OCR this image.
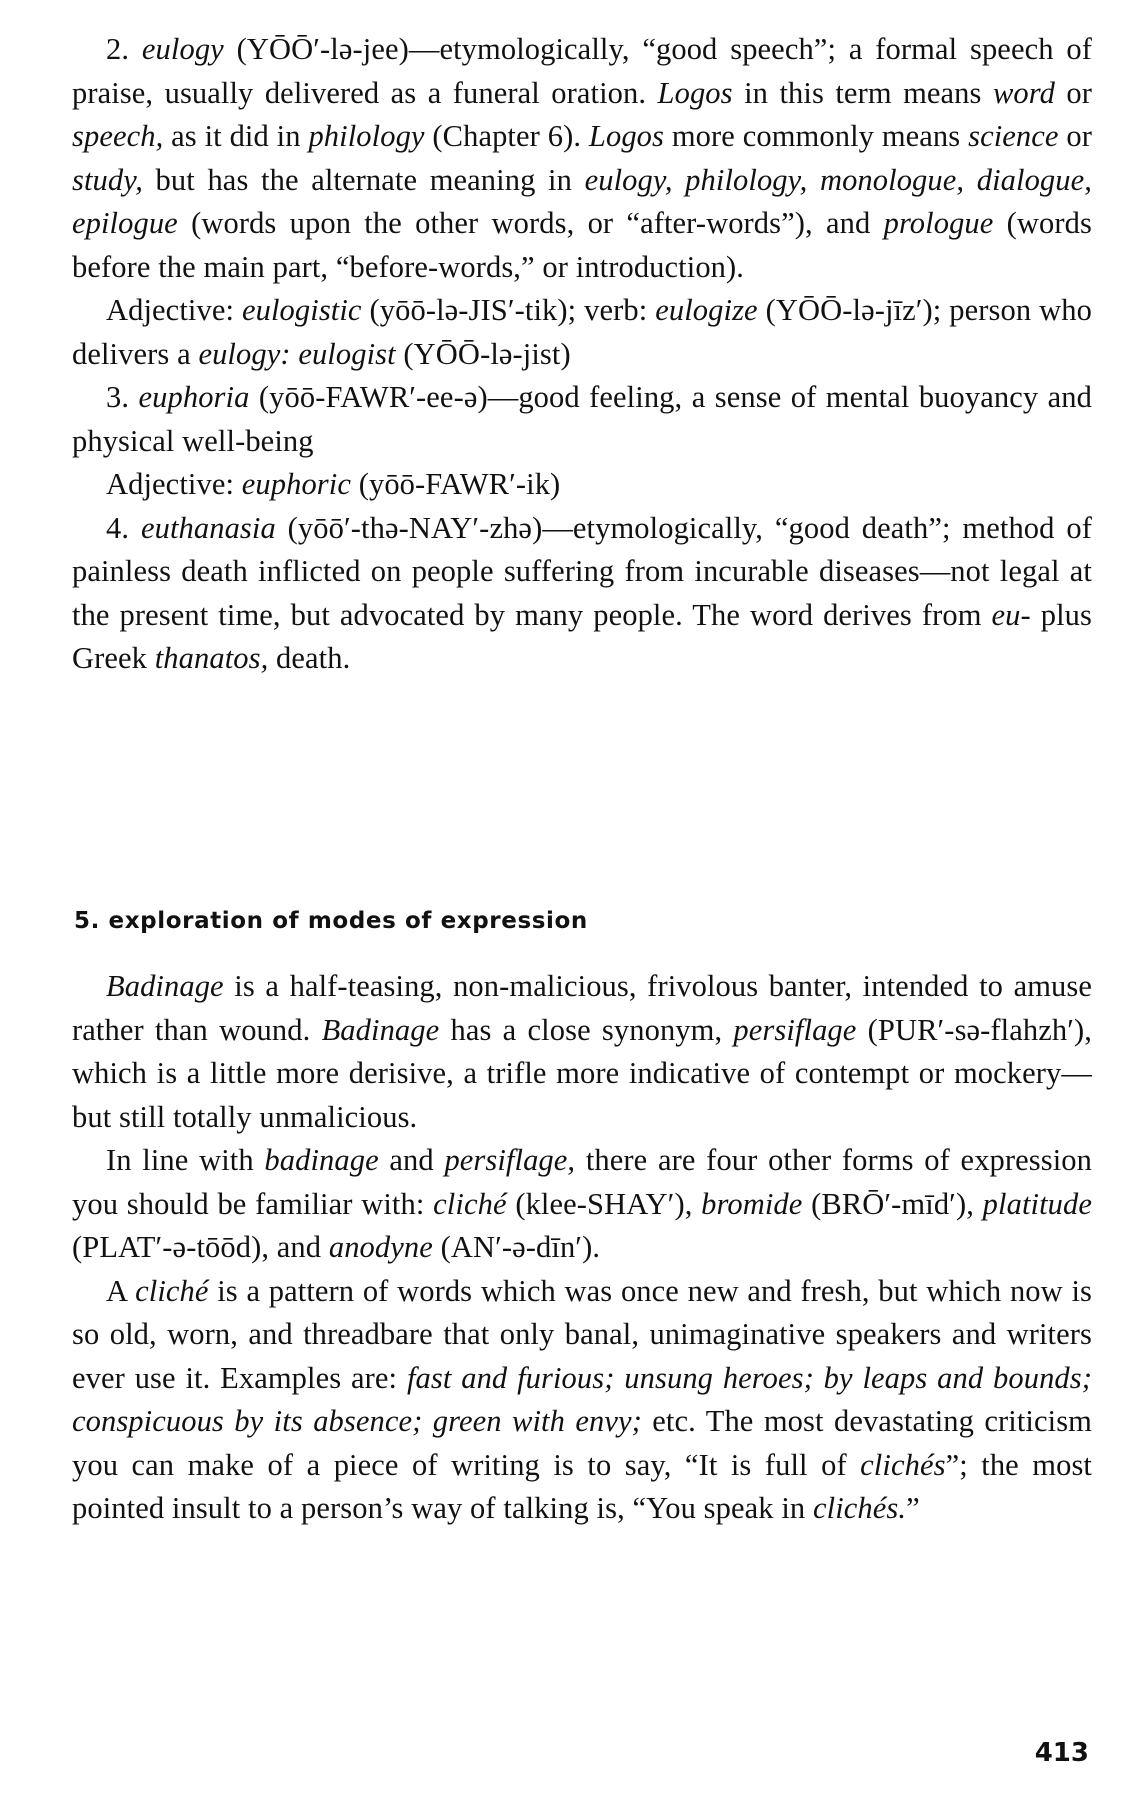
2. eulogy (YŌŌ′-lə-jee)—etymologically, “good speech”; a formal speech of praise, usually delivered as a funeral oration. Logos in this term means word or speech, as it did in philology (Chapter 6). Logos more commonly means science or study, but has the alternate meaning in eulogy, philology, monologue, dialogue, epilogue (words upon the other words, or “after-words”), and prologue (words before the main part, “before-words,” or introduction).

Adjective: eulogistic (yōō-lə-JIS′-tik); verb: eulogize (YŌŌ-lə-jīz′); person who delivers a eulogy: eulogist (YŌŌ-lə-jist)

3. euphoria (yōō-FAWR′-ee-ə)—good feeling, a sense of mental buoyancy and physical well-being

Adjective: euphoric (yōō-FAWR′-ik)

4. euthanasia (yōō′-thə-NAY′-zhə)—etymologically, “good death”; method of painless death inflicted on people suffering from incurable diseases—not legal at the present time, but advocated by many people. The word derives from eu- plus Greek thanatos, death.

5. exploration of modes of expression

Badinage is a half-teasing, non-malicious, frivolous banter, intended to amuse rather than wound. Badinage has a close synonym, persiflage (PUR′-sə-flahzh′), which is a little more derisive, a trifle more indicative of contempt or mockery—but still totally unmalicious.

In line with badinage and persiflage, there are four other forms of expression you should be familiar with: cliché (klee-SHAY′), bromide (BRŌ′-mīd′), platitude (PLAT′-ə-tōōd), and anodyne (AN′-ə-dīn′).

A cliché is a pattern of words which was once new and fresh, but which now is so old, worn, and threadbare that only banal, unimaginative speakers and writers ever use it. Examples are: fast and furious; unsung heroes; by leaps and bounds; conspicuous by its absence; green with envy; etc. The most devastating criticism you can make of a piece of writing is to say, “It is full of clichés”; the most pointed insult to a person’s way of talking is, “You speak in clichés.”

413
